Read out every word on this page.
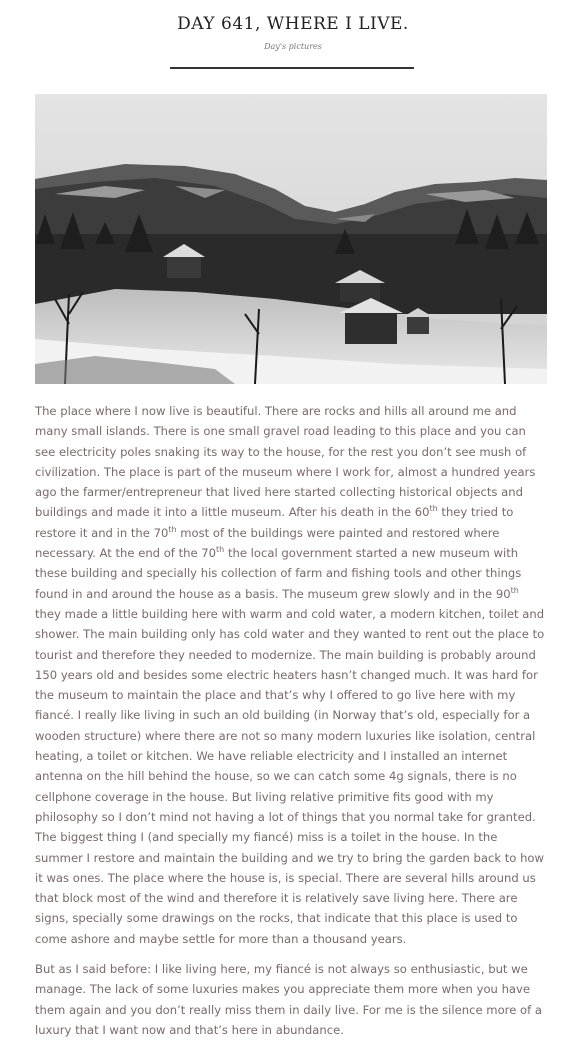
DAY 641, WHERE I LIVE.
Day's pictures

The place where I now live is beautiful. There are rocks and hills all around me and many small islands. There is one small gravel road leading to this place and you can see electricity poles snaking its way to the house, for the rest you don’t see mush of civilization. The place is part of the museum where I work for, almost a hundred years ago the farmer/entrepreneur that lived here started collecting historical objects and buildings and made it into a little museum. After his death in the 60th they tried to restore it and in the 70th most of the buildings were painted and restored where necessary. At the end of the 70th the local government started a new museum with these building and specially his collection of farm and fishing tools and other things found in and around the house as a basis. The museum grew slowly and in the 90th they made a little building here with warm and cold water, a modern kitchen, toilet and shower. The main building only has cold water and they wanted to rent out the place to tourist and therefore they needed to modernize. The main building is probably around 150 years old and besides some electric heaters hasn’t changed much. It was hard for the museum to maintain the place and that’s why I offered to go live here with my fiancé. I really like living in such an old building (in Norway that’s old, especially for a wooden structure) where there are not so many modern luxuries like isolation, central heating, a toilet or kitchen. We have reliable electricity and I installed an internet antenna on the hill behind the house, so we can catch some 4g signals, there is no cellphone coverage in the house. But living relative primitive fits good with my philosophy so I don’t mind not having a lot of things that you normal take for granted. The biggest thing I (and specially my fiancé) miss is a toilet in the house. In the summer I restore and maintain the building and we try to bring the garden back to how it was ones. The place where the house is, is special. There are several hills around us that block most of the wind and therefore it is relatively save living here. There are signs, specially some drawings on the rocks, that indicate that this place is used to come ashore and maybe settle for more than a thousand years.

But as I said before: I like living here, my fiancé is not always so enthusiastic, but we manage. The lack of some luxuries makes you appreciate them more when you have them again and you don’t really miss them in daily live. For me is the silence more of a luxury that I want now and that’s here in abundance.
